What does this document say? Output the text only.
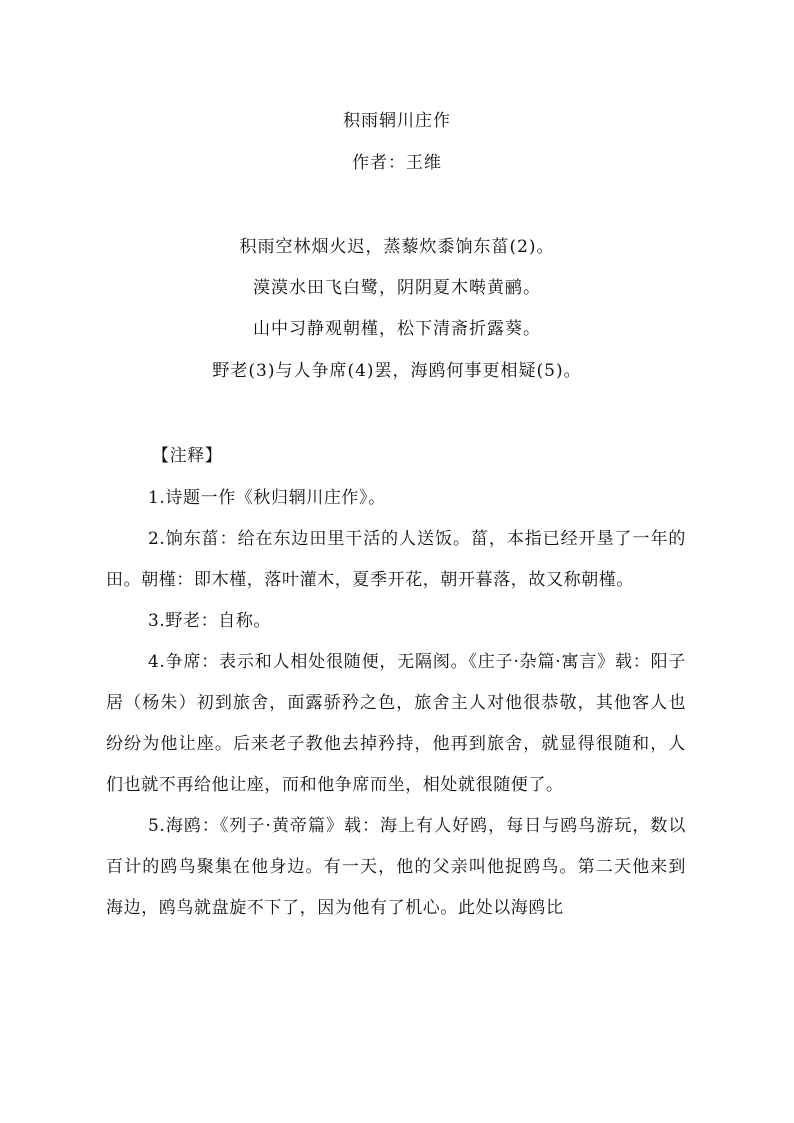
积雨辋川庄作
作者：王维
积雨空林烟火迟，蒸藜炊黍饷东菑(2)。
漠漠水田飞白鹭，阴阴夏木啭黄鹂。
山中习静观朝槿，松下清斋折露葵。
野老(3)与人争席(4)罢，海鸥何事更相疑(5)。

【注释】

1.诗题一作《秋归辋川庄作》。

2.饷东菑：给在东边田里干活的人送饭。菑，本指已经开垦了一年的田。朝槿：即木槿，落叶灌木，夏季开花，朝开暮落，故又称朝槿。

3.野老：自称。

4.争席：表示和人相处很随便，无隔阂。《庄子·杂篇·寓言》载：阳子居（杨朱）初到旅舍，面露骄矜之色，旅舍主人对他很恭敬，其他客人也纷纷为他让座。后来老子教他去掉矜持，他再到旅舍，就显得很随和，人们也就不再给他让座，而和他争席而坐，相处就很随便了。

5.海鸥：《列子·黄帝篇》载：海上有人好鸥，每日与鸥鸟游玩，数以百计的鸥鸟聚集在他身边。有一天，他的父亲叫他捉鸥鸟。第二天他来到海边，鸥鸟就盘旋不下了，因为他有了机心。此处以海鸥比
